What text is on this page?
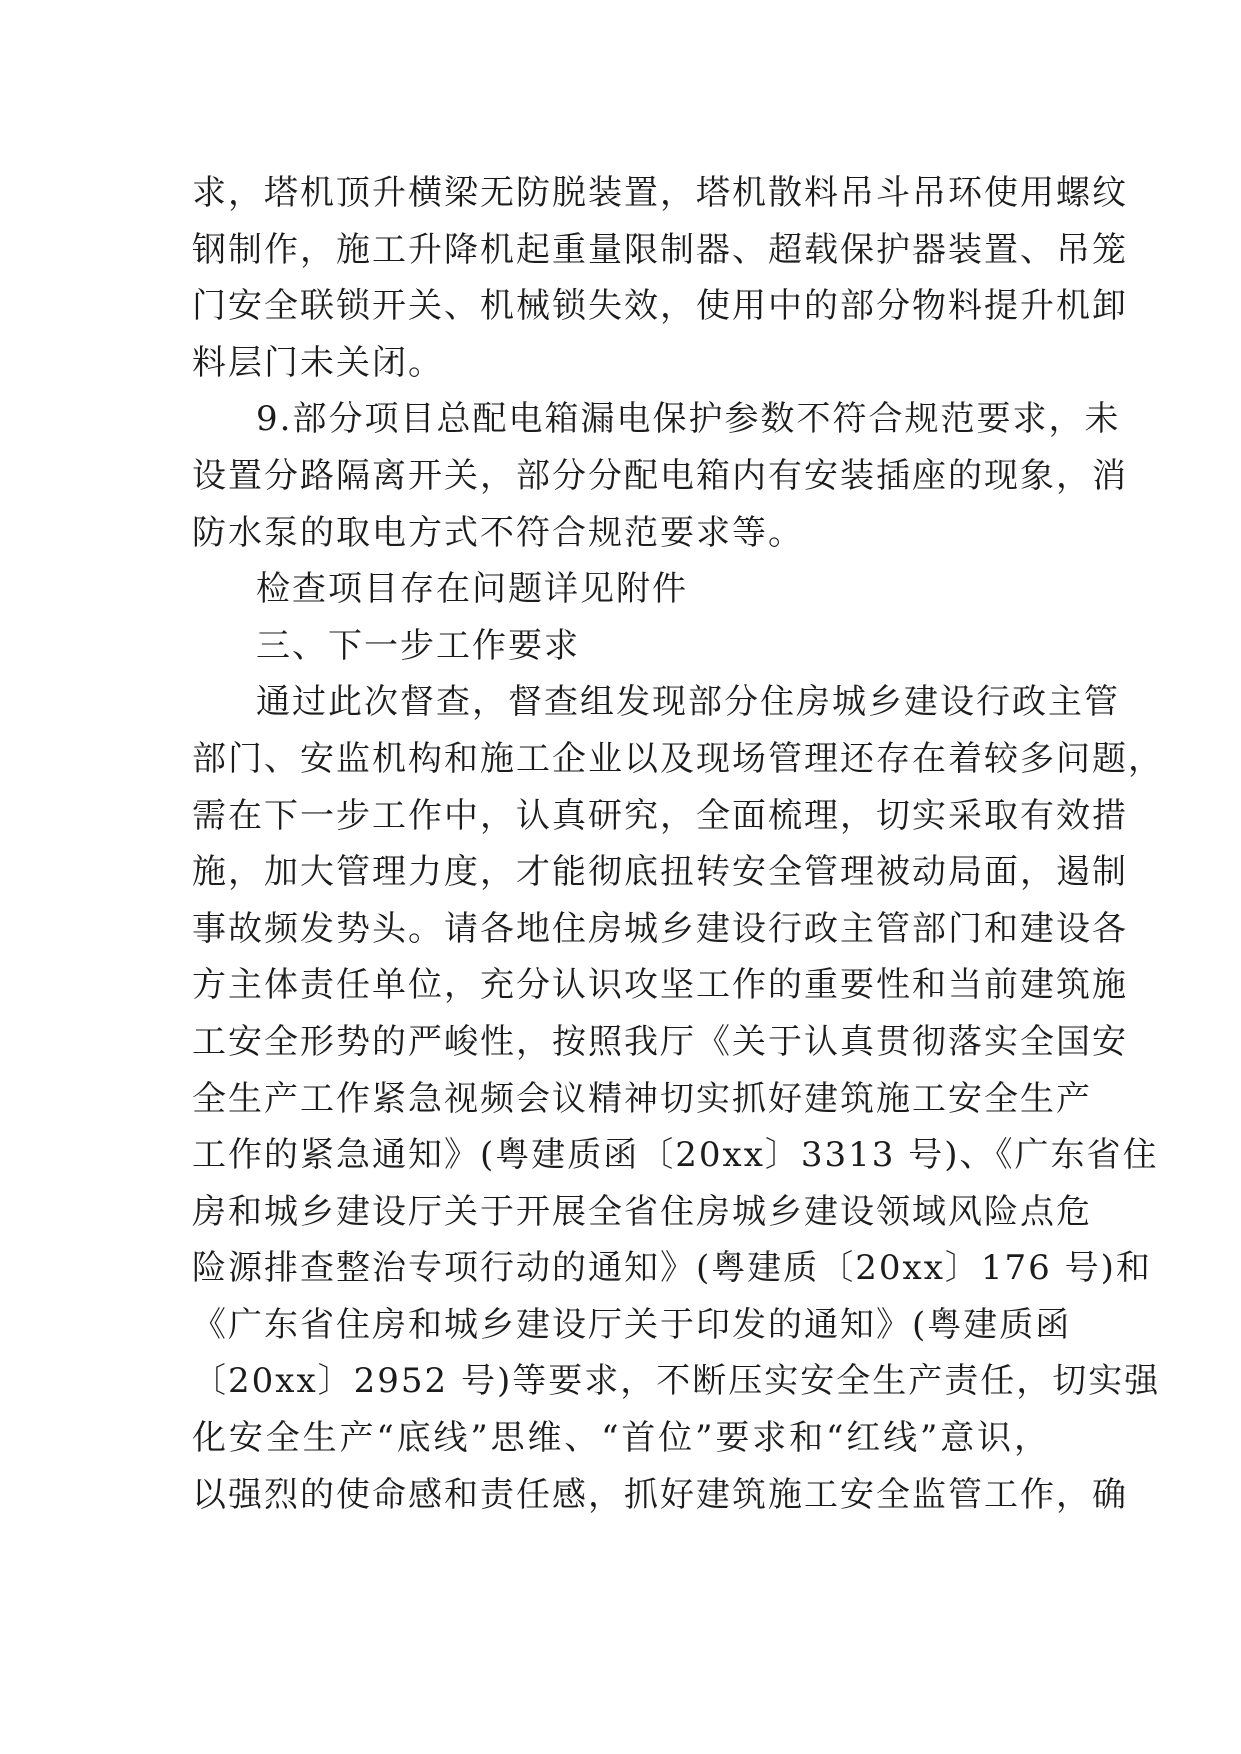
求，塔机顶升横梁无防脱装置，塔机散料吊斗吊环使用螺纹
钢制作，施工升降机起重量限制器、超载保护器装置、吊笼
门安全联锁开关、机械锁失效，使用中的部分物料提升机卸
料层门未关闭。
9.部分项目总配电箱漏电保护参数不符合规范要求，未
设置分路隔离开关，部分分配电箱内有安装插座的现象，消
防水泵的取电方式不符合规范要求等。
检查项目存在问题详见附件
三、下一步工作要求
通过此次督查，督查组发现部分住房城乡建设行政主管
部门、安监机构和施工企业以及现场管理还存在着较多问题，
需在下一步工作中，认真研究，全面梳理，切实采取有效措
施，加大管理力度，才能彻底扭转安全管理被动局面，遏制
事故频发势头。请各地住房城乡建设行政主管部门和建设各
方主体责任单位，充分认识攻坚工作的重要性和当前建筑施
工安全形势的严峻性，按照我厅《关于认真贯彻落实全国安
全生产工作紧急视频会议精神切实抓好建筑施工安全生产
工作的紧急通知》(粤建质函〔20xx〕3313 号)、《广东省住
房和城乡建设厅关于开展全省住房城乡建设领域风险点危
险源排查整治专项行动的通知》(粤建质〔20xx〕176 号)和
《广东省住房和城乡建设厅关于印发的通知》(粤建质函
〔20xx〕2952 号)等要求，不断压实安全生产责任，切实强
化安全生产“底线”思维、“首位”要求和“红线”意识，
以强烈的使命感和责任感，抓好建筑施工安全监管工作，确
